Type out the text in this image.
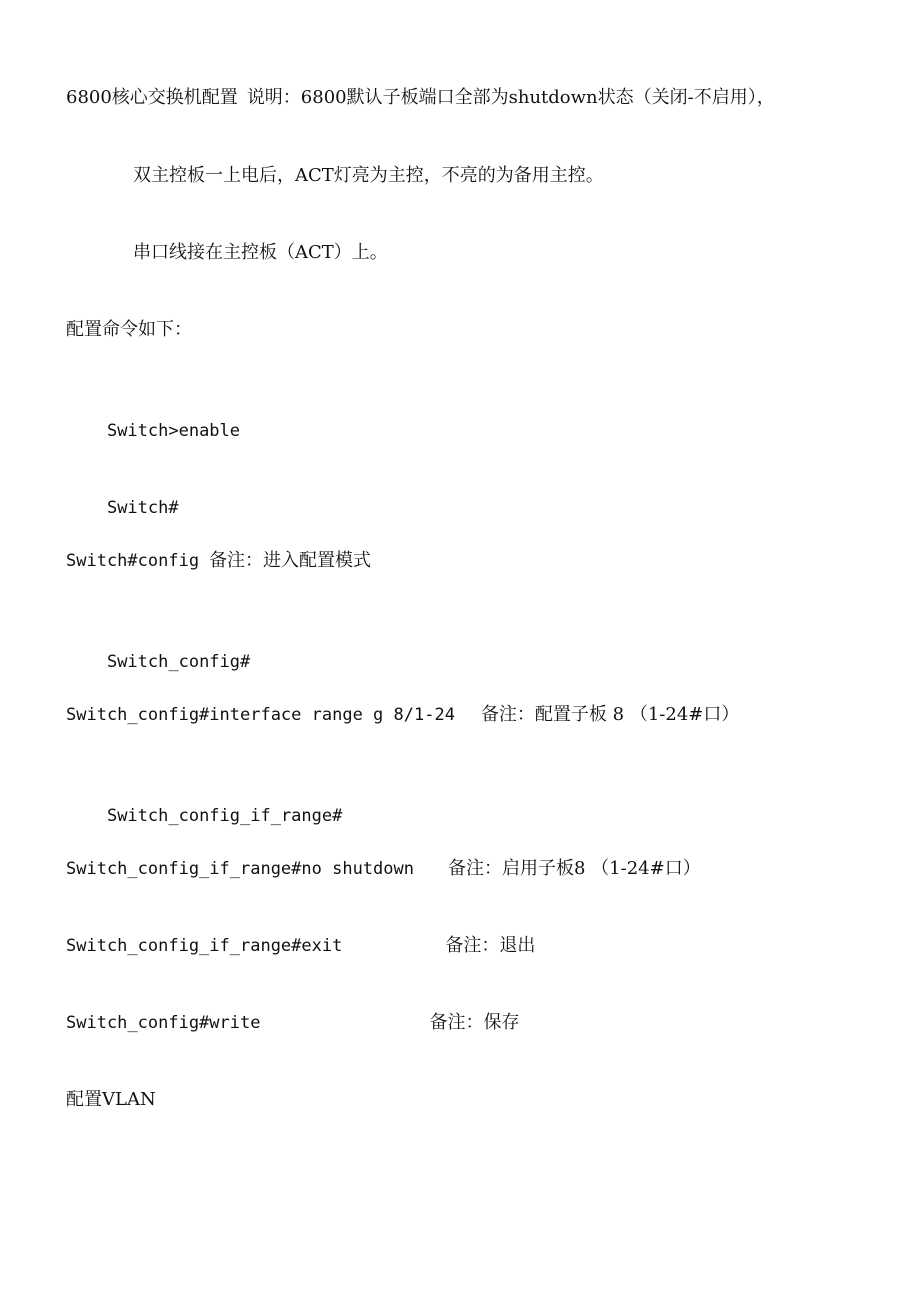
6800核心交换机配置 说明：6800默认子板端口全部为shutdown状态（关闭-不启用），
双主控板一上电后，ACT灯亮为主控，不亮的为备用主控。
串口线接在主控板（ACT）上。
配置命令如下：

Switch>enable

Switch#

Switch#config 备注：进入配置模式

Switch_config#

Switch_config#interface range g 8/1-24 备注：配置子板 8 （1-24#口）

Switch_config_if_range#

Switch_config_if_range#no shutdown 备注：启用子板8 （1-24#口）
Switch_config_if_range#exit	备注：退出
Switch_config#write	备注：保存
配置VLAN
